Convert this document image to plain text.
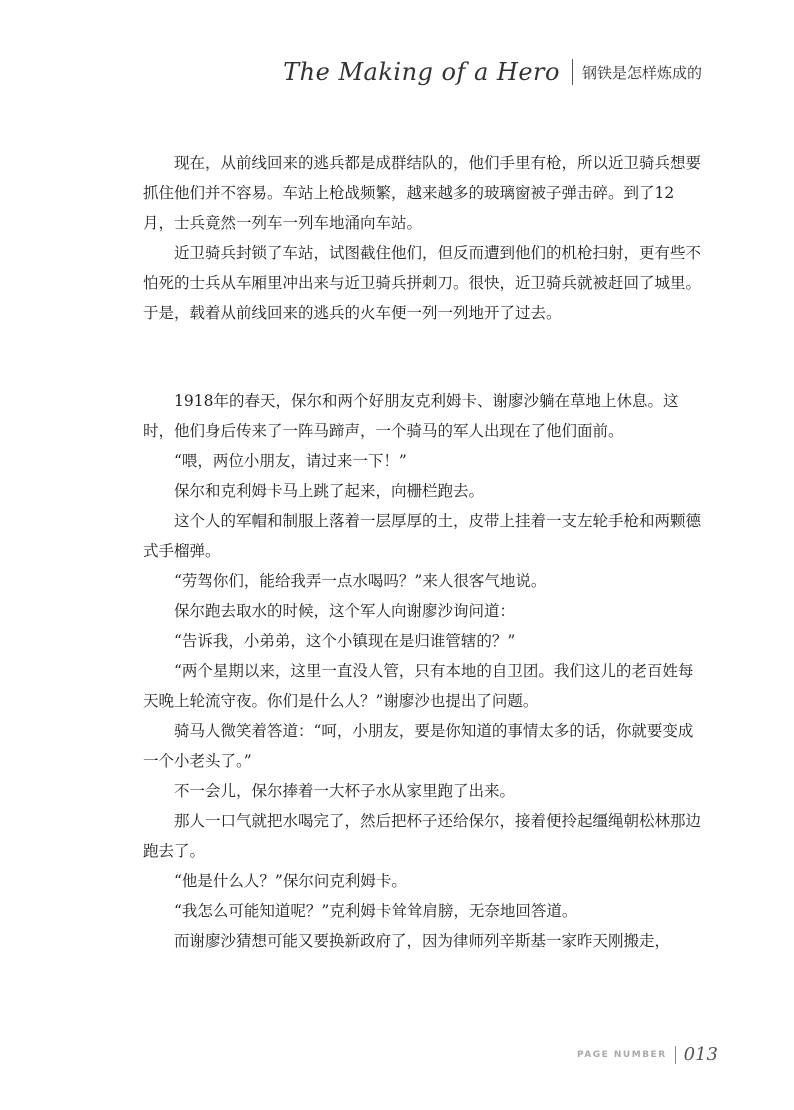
The Making of a Hero 钢铁是怎样炼成的

现在，从前线回来的逃兵都是成群结队的，他们手里有枪，所以近卫骑兵想要抓住他们并不容易。车站上枪战频繁，越来越多的玻璃窗被子弹击碎。到了12月，士兵竟然一列车一列车地涌向车站。

近卫骑兵封锁了车站，试图截住他们，但反而遭到他们的机枪扫射，更有些不怕死的士兵从车厢里冲出来与近卫骑兵拼刺刀。很快，近卫骑兵就被赶回了城里。于是，载着从前线回来的逃兵的火车便一列一列地开了过去。

1918年的春天，保尔和两个好朋友克利姆卡、谢廖沙躺在草地上休息。这时，他们身后传来了一阵马蹄声，一个骑马的军人出现在了他们面前。

“喂，两位小朋友，请过来一下！”

保尔和克利姆卡马上跳了起来，向栅栏跑去。

这个人的军帽和制服上落着一层厚厚的土，皮带上挂着一支左轮手枪和两颗德式手榴弹。

“劳驾你们，能给我弄一点水喝吗？”来人很客气地说。

保尔跑去取水的时候，这个军人向谢廖沙询问道：

“告诉我，小弟弟，这个小镇现在是归谁管辖的？”

“两个星期以来，这里一直没人管，只有本地的自卫团。我们这儿的老百姓每天晚上轮流守夜。你们是什么人？”谢廖沙也提出了问题。

骑马人微笑着答道：“呵，小朋友，要是你知道的事情太多的话，你就要变成一个小老头了。”

不一会儿，保尔捧着一大杯子水从家里跑了出来。

那人一口气就把水喝完了，然后把杯子还给保尔，接着便拎起缰绳朝松林那边跑去了。

“他是什么人？”保尔问克利姆卡。

“我怎么可能知道呢？”克利姆卡耸耸肩膀，无奈地回答道。

而谢廖沙猜想可能又要换新政府了，因为律师列辛斯基一家昨天刚搬走，

PAGE NUMBER 013
